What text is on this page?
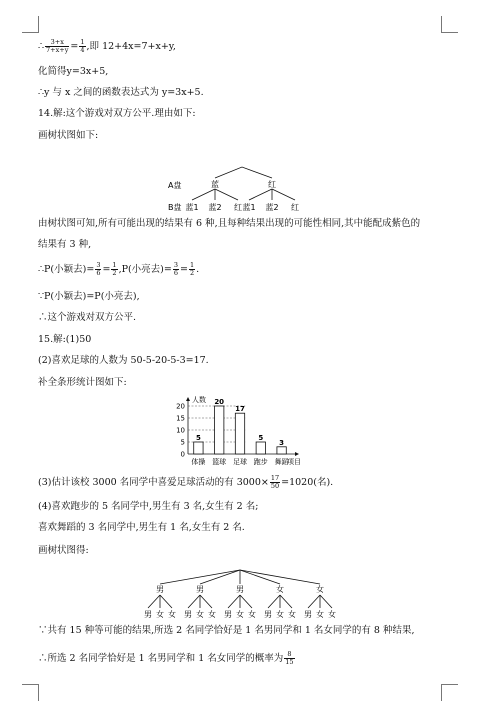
∴ $\frac{3+x}{7+x+y} = \frac{1}{4}$ ,即 12+4x=7+x+y,
化简得y=3x+5,
∴y 与 x 之间的函数表达式为 y=3x+5.
14.解:这个游戏对双方公平.理由如下:
画树状图如下:
A盘
B盘
蓝	红
蓝1 蓝2 红 蓝1 蓝2 红
由树状图可知,所有可能出现的结果有 6 种,且每种结果出现的可能性相同,其中能配成紫色的
结果有 3 种,
∴P(小颖去)= $\frac{3}{6} = \frac{1}{2} ,P$(小亮去)= $\frac{3}{6} = \frac{1}{2}$ .
∵P(小颖去)=P(小亮去),
∴这个游戏对双方公平.
15.解:(1)50
(2)喜欢足球的人数为 50-5-20-5-3=17.
补全条形统计图如下:
人数
项目
0
5
10
15
20
5
体操
20
篮球
17
足球
5
跑步
3
舞蹈
(3)估计该校 3000 名同学中喜爱足球活动的有 $3000\times \frac{17}{50} =1020$(名).
(4)喜欢跑步的 5 名同学中,男生有 3 名,女生有 2 名;
喜欢舞蹈的 3 名同学中,男生有 1 名,女生有 2 名.
画树状图得:
男
男 女 女
男
男 女 女
男
男 女 女
女
男 女 女
女
男 女 女
∵共有 15 种等可能的结果,所选 2 名同学恰好是 1 名男同学和 1 名女同学的有 8 种结果,
∴所选 2 名同学恰好是 1 名男同学和 1 名女同学的概率为 $\frac{8}{15}$
